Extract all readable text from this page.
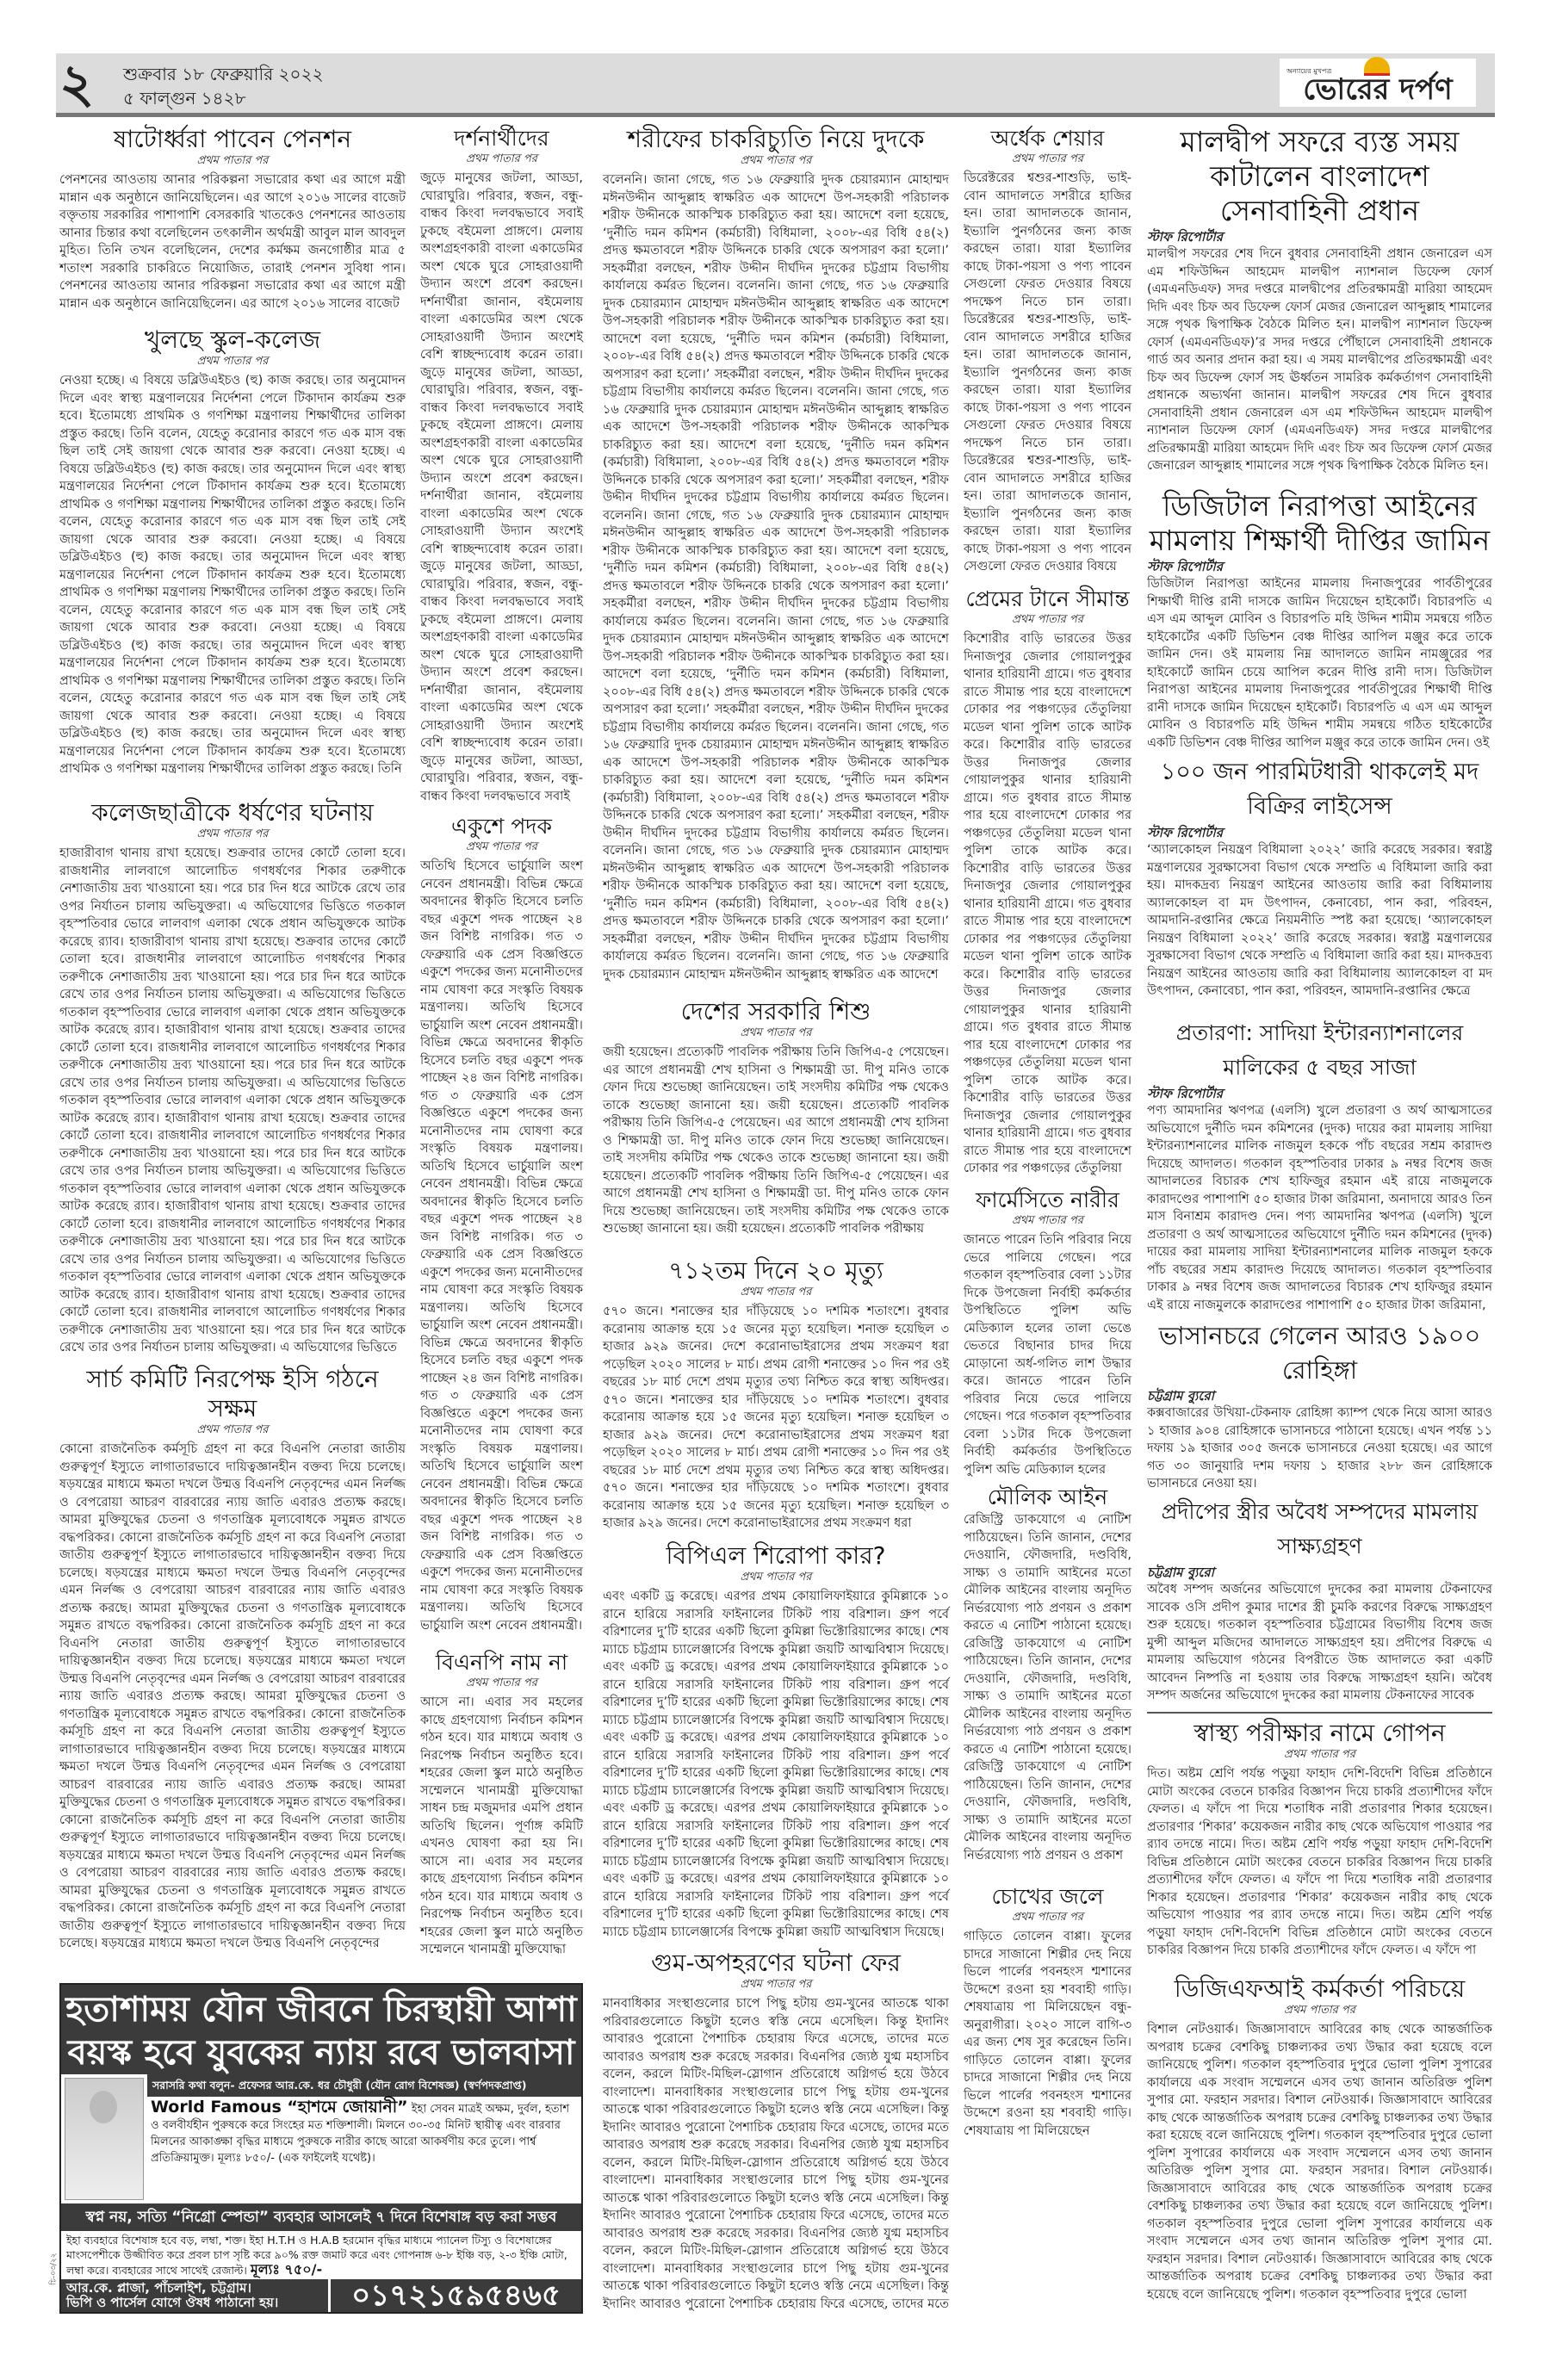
২ শুক্রবার ১৮ ফেব্রুয়ারি ২০২২
৫ ফাল্গুন ১৪২৮
অন্যায়ের মুখপত্র
ভোরের দর্পণ
ষাটোর্ধ্বরা পাবেন পেনশন
প্রথম পাতার পর

পেনশনের আওতায় আনার পরিকল্পনা সভারোর কথা এর আগে মন্ত্রী মান্নান এক অনুষ্ঠানে জানিয়েছিলেন। এর আগে ২০১৬ সালের বাজেট বক্তৃতায় সরকারির পাশাপাশি বেসরকারি খাতকেও পেনশনের আওতায় আনার চিন্তার কথা বলেছিলেন তৎকালীন অর্থমন্ত্রী আবুল মাল আবদুল মুহিত। তিনি তখন বলেছিলেন, দেশের কর্মক্ষম জনগোষ্ঠীর মাত্র ৫ শতাংশ সরকারি চাকরিতে নিয়োজিত, তারাই পেনশন সুবিধা পান। পেনশনের আওতায় আনার পরিকল্পনা সভারোর কথা এর আগে মন্ত্রী মান্নান এক অনুষ্ঠানে জানিয়েছিলেন। এর আগে ২০১৬ সালের বাজেট

খুলছে স্কুল-কলেজ
প্রথম পাতার পর

নেওয়া হচ্ছে। এ বিষয়ে ডব্লিউএইচও (হু) কাজ করছে। তার অনুমোদন দিলে এবং স্বাস্থ্য মন্ত্রণালয়ের নির্দেশনা পেলে টিকাদান কার্যক্রম শুরু হবে। ইতোমধ্যে প্রাথমিক ও গণশিক্ষা মন্ত্রণালয় শিক্ষার্থীদের তালিকা প্রস্তুত করছে। তিনি বলেন, যেহেতু করোনার কারণে গত এক মাস বন্ধ ছিল তাই সেই জায়গা থেকে আবার শুরু করবো। নেওয়া হচ্ছে। এ বিষয়ে ডব্লিউএইচও (হু) কাজ করছে। তার অনুমোদন দিলে এবং স্বাস্থ্য মন্ত্রণালয়ের নির্দেশনা পেলে টিকাদান কার্যক্রম শুরু হবে। ইতোমধ্যে প্রাথমিক ও গণশিক্ষা মন্ত্রণালয় শিক্ষার্থীদের তালিকা প্রস্তুত করছে। তিনি বলেন, যেহেতু করোনার কারণে গত এক মাস বন্ধ ছিল তাই সেই জায়গা থেকে আবার শুরু করবো। নেওয়া হচ্ছে। এ বিষয়ে ডব্লিউএইচও (হু) কাজ করছে। তার অনুমোদন দিলে এবং স্বাস্থ্য মন্ত্রণালয়ের নির্দেশনা পেলে টিকাদান কার্যক্রম শুরু হবে। ইতোমধ্যে প্রাথমিক ও গণশিক্ষা মন্ত্রণালয় শিক্ষার্থীদের তালিকা প্রস্তুত করছে। তিনি বলেন, যেহেতু করোনার কারণে গত এক মাস বন্ধ ছিল তাই সেই জায়গা থেকে আবার শুরু করবো। নেওয়া হচ্ছে। এ বিষয়ে ডব্লিউএইচও (হু) কাজ করছে। তার অনুমোদন দিলে এবং স্বাস্থ্য মন্ত্রণালয়ের নির্দেশনা পেলে টিকাদান কার্যক্রম শুরু হবে। ইতোমধ্যে প্রাথমিক ও গণশিক্ষা মন্ত্রণালয় শিক্ষার্থীদের তালিকা প্রস্তুত করছে। তিনি বলেন, যেহেতু করোনার কারণে গত এক মাস বন্ধ ছিল তাই সেই জায়গা থেকে আবার শুরু করবো। নেওয়া হচ্ছে। এ বিষয়ে ডব্লিউএইচও (হু) কাজ করছে। তার অনুমোদন দিলে এবং স্বাস্থ্য মন্ত্রণালয়ের নির্দেশনা পেলে টিকাদান কার্যক্রম শুরু হবে। ইতোমধ্যে প্রাথমিক ও গণশিক্ষা মন্ত্রণালয় শিক্ষার্থীদের তালিকা প্রস্তুত করছে। তিনি

কলেজছাত্রীকে ধর্ষণের ঘটনায়
প্রথম পাতার পর

হাজারীবাগ থানায় রাখা হয়েছে। শুক্রবার তাদের কোর্টে তোলা হবে। রাজধানীর লালবাগে আলোচিত গণধর্ষণের শিকার তরুণীকে নেশাজাতীয় দ্রব্য খাওয়ানো হয়। পরে চার দিন ধরে আটকে রেখে তার ওপর নির্যাতন চালায় অভিযুক্তরা। এ অভিযোগের ভিত্তিতে গতকাল বৃহস্পতিবার ভোরে লালবাগ এলাকা থেকে প্রধান অভিযুক্তকে আটক করেছে র‌্যাব। হাজারীবাগ থানায় রাখা হয়েছে। শুক্রবার তাদের কোর্টে তোলা হবে। রাজধানীর লালবাগে আলোচিত গণধর্ষণের শিকার তরুণীকে নেশাজাতীয় দ্রব্য খাওয়ানো হয়। পরে চার দিন ধরে আটকে রেখে তার ওপর নির্যাতন চালায় অভিযুক্তরা। এ অভিযোগের ভিত্তিতে গতকাল বৃহস্পতিবার ভোরে লালবাগ এলাকা থেকে প্রধান অভিযুক্তকে আটক করেছে র‌্যাব। হাজারীবাগ থানায় রাখা হয়েছে। শুক্রবার তাদের কোর্টে তোলা হবে। রাজধানীর লালবাগে আলোচিত গণধর্ষণের শিকার তরুণীকে নেশাজাতীয় দ্রব্য খাওয়ানো হয়। পরে চার দিন ধরে আটকে রেখে তার ওপর নির্যাতন চালায় অভিযুক্তরা। এ অভিযোগের ভিত্তিতে গতকাল বৃহস্পতিবার ভোরে লালবাগ এলাকা থেকে প্রধান অভিযুক্তকে আটক করেছে র‌্যাব। হাজারীবাগ থানায় রাখা হয়েছে। শুক্রবার তাদের কোর্টে তোলা হবে। রাজধানীর লালবাগে আলোচিত গণধর্ষণের শিকার তরুণীকে নেশাজাতীয় দ্রব্য খাওয়ানো হয়। পরে চার দিন ধরে আটকে রেখে তার ওপর নির্যাতন চালায় অভিযুক্তরা। এ অভিযোগের ভিত্তিতে গতকাল বৃহস্পতিবার ভোরে লালবাগ এলাকা থেকে প্রধান অভিযুক্তকে আটক করেছে র‌্যাব। হাজারীবাগ থানায় রাখা হয়েছে। শুক্রবার তাদের কোর্টে তোলা হবে। রাজধানীর লালবাগে আলোচিত গণধর্ষণের শিকার তরুণীকে নেশাজাতীয় দ্রব্য খাওয়ানো হয়। পরে চার দিন ধরে আটকে রেখে তার ওপর নির্যাতন চালায় অভিযুক্তরা। এ অভিযোগের ভিত্তিতে গতকাল বৃহস্পতিবার ভোরে লালবাগ এলাকা থেকে প্রধান অভিযুক্তকে আটক করেছে র‌্যাব। হাজারীবাগ থানায় রাখা হয়েছে। শুক্রবার তাদের কোর্টে তোলা হবে। রাজধানীর লালবাগে আলোচিত গণধর্ষণের শিকার তরুণীকে নেশাজাতীয় দ্রব্য খাওয়ানো হয়। পরে চার দিন ধরে আটকে রেখে তার ওপর নির্যাতন চালায় অভিযুক্তরা। এ অভিযোগের ভিত্তিতে

সার্চ কমিটি নিরপেক্ষ ইসি গঠনে সক্ষম
প্রথম পাতার পর

কোনো রাজনৈতিক কর্মসূচি গ্রহণ না করে বিএনপি নেতারা জাতীয় গুরুত্বপূর্ণ ইস্যুতে লাগাতারভাবে দায়িত্বজ্ঞানহীন বক্তব্য দিয়ে চলেছে। ষড়যন্ত্রের মাধ্যমে ক্ষমতা দখলে উন্মত্ত বিএনপি নেতৃবৃন্দের এমন নির্লজ্জ ও বেপরোয়া আচরণ বারবারের ন্যায় জাতি এবারও প্রত্যক্ষ করছে। আমরা মুক্তিযুদ্ধের চেতনা ও গণতান্ত্রিক মূল্যবোধকে সমুন্নত রাখতে বদ্ধপরিকর। কোনো রাজনৈতিক কর্মসূচি গ্রহণ না করে বিএনপি নেতারা জাতীয় গুরুত্বপূর্ণ ইস্যুতে লাগাতারভাবে দায়িত্বজ্ঞানহীন বক্তব্য দিয়ে চলেছে। ষড়যন্ত্রের মাধ্যমে ক্ষমতা দখলে উন্মত্ত বিএনপি নেতৃবৃন্দের এমন নির্লজ্জ ও বেপরোয়া আচরণ বারবারের ন্যায় জাতি এবারও প্রত্যক্ষ করছে। আমরা মুক্তিযুদ্ধের চেতনা ও গণতান্ত্রিক মূল্যবোধকে সমুন্নত রাখতে বদ্ধপরিকর। কোনো রাজনৈতিক কর্মসূচি গ্রহণ না করে বিএনপি নেতারা জাতীয় গুরুত্বপূর্ণ ইস্যুতে লাগাতারভাবে দায়িত্বজ্ঞানহীন বক্তব্য দিয়ে চলেছে। ষড়যন্ত্রের মাধ্যমে ক্ষমতা দখলে উন্মত্ত বিএনপি নেতৃবৃন্দের এমন নির্লজ্জ ও বেপরোয়া আচরণ বারবারের ন্যায় জাতি এবারও প্রত্যক্ষ করছে। আমরা মুক্তিযুদ্ধের চেতনা ও গণতান্ত্রিক মূল্যবোধকে সমুন্নত রাখতে বদ্ধপরিকর। কোনো রাজনৈতিক কর্মসূচি গ্রহণ না করে বিএনপি নেতারা জাতীয় গুরুত্বপূর্ণ ইস্যুতে লাগাতারভাবে দায়িত্বজ্ঞানহীন বক্তব্য দিয়ে চলেছে। ষড়যন্ত্রের মাধ্যমে ক্ষমতা দখলে উন্মত্ত বিএনপি নেতৃবৃন্দের এমন নির্লজ্জ ও বেপরোয়া আচরণ বারবারের ন্যায় জাতি এবারও প্রত্যক্ষ করছে। আমরা মুক্তিযুদ্ধের চেতনা ও গণতান্ত্রিক মূল্যবোধকে সমুন্নত রাখতে বদ্ধপরিকর। কোনো রাজনৈতিক কর্মসূচি গ্রহণ না করে বিএনপি নেতারা জাতীয় গুরুত্বপূর্ণ ইস্যুতে লাগাতারভাবে দায়িত্বজ্ঞানহীন বক্তব্য দিয়ে চলেছে। ষড়যন্ত্রের মাধ্যমে ক্ষমতা দখলে উন্মত্ত বিএনপি নেতৃবৃন্দের এমন নির্লজ্জ ও বেপরোয়া আচরণ বারবারের ন্যায় জাতি এবারও প্রত্যক্ষ করছে। আমরা মুক্তিযুদ্ধের চেতনা ও গণতান্ত্রিক মূল্যবোধকে সমুন্নত রাখতে বদ্ধপরিকর। কোনো রাজনৈতিক কর্মসূচি গ্রহণ না করে বিএনপি নেতারা জাতীয় গুরুত্বপূর্ণ ইস্যুতে লাগাতারভাবে দায়িত্বজ্ঞানহীন বক্তব্য দিয়ে চলেছে। ষড়যন্ত্রের মাধ্যমে ক্ষমতা দখলে উন্মত্ত বিএনপি নেতৃবৃন্দের

দর্শনার্থীদের
প্রথম পাতার পর

জুড়ে মানুষের জটলা, আড্ডা, ঘোরাঘুরি। পরিবার, স্বজন, বন্ধু-বান্ধব কিংবা দলবদ্ধভাবে সবাই ঢুকছে বইমেলা প্রাঙ্গণে। মেলায় অংশগ্রহণকারী বাংলা একাডেমির অংশ থেকে ঘুরে সোহরাওয়ার্দী উদ্যান অংশে প্রবেশ করছেন। দর্শনার্থীরা জানান, বইমেলায় বাংলা একাডেমির অংশ থেকে সোহরাওয়ার্দী উদ্যান অংশেই বেশি স্বাচ্ছন্দ্যবোধ করেন তারা। জুড়ে মানুষের জটলা, আড্ডা, ঘোরাঘুরি। পরিবার, স্বজন, বন্ধু-বান্ধব কিংবা দলবদ্ধভাবে সবাই ঢুকছে বইমেলা প্রাঙ্গণে। মেলায় অংশগ্রহণকারী বাংলা একাডেমির অংশ থেকে ঘুরে সোহরাওয়ার্দী উদ্যান অংশে প্রবেশ করছেন। দর্শনার্থীরা জানান, বইমেলায় বাংলা একাডেমির অংশ থেকে সোহরাওয়ার্দী উদ্যান অংশেই বেশি স্বাচ্ছন্দ্যবোধ করেন তারা। জুড়ে মানুষের জটলা, আড্ডা, ঘোরাঘুরি। পরিবার, স্বজন, বন্ধু-বান্ধব কিংবা দলবদ্ধভাবে সবাই ঢুকছে বইমেলা প্রাঙ্গণে। মেলায় অংশগ্রহণকারী বাংলা একাডেমির অংশ থেকে ঘুরে সোহরাওয়ার্দী উদ্যান অংশে প্রবেশ করছেন। দর্শনার্থীরা জানান, বইমেলায় বাংলা একাডেমির অংশ থেকে সোহরাওয়ার্দী উদ্যান অংশেই বেশি স্বাচ্ছন্দ্যবোধ করেন তারা। জুড়ে মানুষের জটলা, আড্ডা, ঘোরাঘুরি। পরিবার, স্বজন, বন্ধু-বান্ধব কিংবা দলবদ্ধভাবে সবাই

একুশে পদক
প্রথম পাতার পর

অতিথি হিসেবে ভার্চুয়ালি অংশ নেবেন প্রধানমন্ত্রী। বিভিন্ন ক্ষেত্রে অবদানের স্বীকৃতি হিসেবে চলতি বছর একুশে পদক পাচ্ছেন ২৪ জন বিশিষ্ট নাগরিক। গত ৩ ফেব্রুয়ারি এক প্রেস বিজ্ঞপ্তিতে একুশে পদকের জন্য মনোনীতদের নাম ঘোষণা করে সংস্কৃতি বিষয়ক মন্ত্রণালয়। অতিথি হিসেবে ভার্চুয়ালি অংশ নেবেন প্রধানমন্ত্রী। বিভিন্ন ক্ষেত্রে অবদানের স্বীকৃতি হিসেবে চলতি বছর একুশে পদক পাচ্ছেন ২৪ জন বিশিষ্ট নাগরিক। গত ৩ ফেব্রুয়ারি এক প্রেস বিজ্ঞপ্তিতে একুশে পদকের জন্য মনোনীতদের নাম ঘোষণা করে সংস্কৃতি বিষয়ক মন্ত্রণালয়। অতিথি হিসেবে ভার্চুয়ালি অংশ নেবেন প্রধানমন্ত্রী। বিভিন্ন ক্ষেত্রে অবদানের স্বীকৃতি হিসেবে চলতি বছর একুশে পদক পাচ্ছেন ২৪ জন বিশিষ্ট নাগরিক। গত ৩ ফেব্রুয়ারি এক প্রেস বিজ্ঞপ্তিতে একুশে পদকের জন্য মনোনীতদের নাম ঘোষণা করে সংস্কৃতি বিষয়ক মন্ত্রণালয়। অতিথি হিসেবে ভার্চুয়ালি অংশ নেবেন প্রধানমন্ত্রী। বিভিন্ন ক্ষেত্রে অবদানের স্বীকৃতি হিসেবে চলতি বছর একুশে পদক পাচ্ছেন ২৪ জন বিশিষ্ট নাগরিক। গত ৩ ফেব্রুয়ারি এক প্রেস বিজ্ঞপ্তিতে একুশে পদকের জন্য মনোনীতদের নাম ঘোষণা করে সংস্কৃতি বিষয়ক মন্ত্রণালয়। অতিথি হিসেবে ভার্চুয়ালি অংশ নেবেন প্রধানমন্ত্রী। বিভিন্ন ক্ষেত্রে অবদানের স্বীকৃতি হিসেবে চলতি বছর একুশে পদক পাচ্ছেন ২৪ জন বিশিষ্ট নাগরিক। গত ৩ ফেব্রুয়ারি এক প্রেস বিজ্ঞপ্তিতে একুশে পদকের জন্য মনোনীতদের নাম ঘোষণা করে সংস্কৃতি বিষয়ক মন্ত্রণালয়। অতিথি হিসেবে ভার্চুয়ালি অংশ নেবেন প্রধানমন্ত্রী।

বিএনপি নাম না
প্রথম পাতার পর

আসে না। এবার সব মহলের কাছে গ্রহণযোগ্য নির্বাচন কমিশন গঠন হবে। যার মাধ্যমে অবাধ ও নিরপেক্ষ নির্বাচন অনুষ্ঠিত হবে। শহরের জেলা স্কুল মাঠে অনুষ্ঠিত সম্মেলনে খানামন্ত্রী মুক্তিযোদ্ধা সাধন চন্দ্র মজুমদার এমপি প্রধান অতিথি ছিলেন। পূর্ণাঙ্গ কমিটি এখনও ঘোষণা করা হয় নি। আসে না। এবার সব মহলের কাছে গ্রহণযোগ্য নির্বাচন কমিশন গঠন হবে। যার মাধ্যমে অবাধ ও নিরপেক্ষ নির্বাচন অনুষ্ঠিত হবে। শহরের জেলা স্কুল মাঠে অনুষ্ঠিত সম্মেলনে খানামন্ত্রী মুক্তিযোদ্ধা

শরীফের চাকরিচ্যুতি নিয়ে দুদকে
প্রথম পাতার পর

বলেননি। জানা গেছে, গত ১৬ ফেব্রুয়ারি দুদক চেয়ারম্যান মোহাম্মদ মঈনউদ্দীন আব্দুল্লাহ স্বাক্ষরিত এক আদেশে উপ-সহকারী পরিচালক শরীফ উদ্দীনকে আকস্মিক চাকরিচ্যুত করা হয়। আদেশে বলা হয়েছে, ‘দুর্নীতি দমন কমিশন (কর্মচারী) বিধিমালা, ২০০৮-এর বিধি ৫৪(২) প্রদত্ত ক্ষমতাবলে শরীফ উদ্দিনকে চাকরি থেকে অপসারণ করা হলো।’ সহকর্মীরা বলছেন, শরীফ উদ্দীন দীর্ঘদিন দুদকের চট্টগ্রাম বিভাগীয় কার্যালয়ে কর্মরত ছিলেন। বলেননি। জানা গেছে, গত ১৬ ফেব্রুয়ারি দুদক চেয়ারম্যান মোহাম্মদ মঈনউদ্দীন আব্দুল্লাহ স্বাক্ষরিত এক আদেশে উপ-সহকারী পরিচালক শরীফ উদ্দীনকে আকস্মিক চাকরিচ্যুত করা হয়। আদেশে বলা হয়েছে, ‘দুর্নীতি দমন কমিশন (কর্মচারী) বিধিমালা, ২০০৮-এর বিধি ৫৪(২) প্রদত্ত ক্ষমতাবলে শরীফ উদ্দিনকে চাকরি থেকে অপসারণ করা হলো।’ সহকর্মীরা বলছেন, শরীফ উদ্দীন দীর্ঘদিন দুদকের চট্টগ্রাম বিভাগীয় কার্যালয়ে কর্মরত ছিলেন। বলেননি। জানা গেছে, গত ১৬ ফেব্রুয়ারি দুদক চেয়ারম্যান মোহাম্মদ মঈনউদ্দীন আব্দুল্লাহ স্বাক্ষরিত এক আদেশে উপ-সহকারী পরিচালক শরীফ উদ্দীনকে আকস্মিক চাকরিচ্যুত করা হয়। আদেশে বলা হয়েছে, ‘দুর্নীতি দমন কমিশন (কর্মচারী) বিধিমালা, ২০০৮-এর বিধি ৫৪(২) প্রদত্ত ক্ষমতাবলে শরীফ উদ্দিনকে চাকরি থেকে অপসারণ করা হলো।’ সহকর্মীরা বলছেন, শরীফ উদ্দীন দীর্ঘদিন দুদকের চট্টগ্রাম বিভাগীয় কার্যালয়ে কর্মরত ছিলেন। বলেননি। জানা গেছে, গত ১৬ ফেব্রুয়ারি দুদক চেয়ারম্যান মোহাম্মদ মঈনউদ্দীন আব্দুল্লাহ স্বাক্ষরিত এক আদেশে উপ-সহকারী পরিচালক শরীফ উদ্দীনকে আকস্মিক চাকরিচ্যুত করা হয়। আদেশে বলা হয়েছে, ‘দুর্নীতি দমন কমিশন (কর্মচারী) বিধিমালা, ২০০৮-এর বিধি ৫৪(২) প্রদত্ত ক্ষমতাবলে শরীফ উদ্দিনকে চাকরি থেকে অপসারণ করা হলো।’ সহকর্মীরা বলছেন, শরীফ উদ্দীন দীর্ঘদিন দুদকের চট্টগ্রাম বিভাগীয় কার্যালয়ে কর্মরত ছিলেন। বলেননি। জানা গেছে, গত ১৬ ফেব্রুয়ারি দুদক চেয়ারম্যান মোহাম্মদ মঈনউদ্দীন আব্দুল্লাহ স্বাক্ষরিত এক আদেশে উপ-সহকারী পরিচালক শরীফ উদ্দীনকে আকস্মিক চাকরিচ্যুত করা হয়। আদেশে বলা হয়েছে, ‘দুর্নীতি দমন কমিশন (কর্মচারী) বিধিমালা, ২০০৮-এর বিধি ৫৪(২) প্রদত্ত ক্ষমতাবলে শরীফ উদ্দিনকে চাকরি থেকে অপসারণ করা হলো।’ সহকর্মীরা বলছেন, শরীফ উদ্দীন দীর্ঘদিন দুদকের চট্টগ্রাম বিভাগীয় কার্যালয়ে কর্মরত ছিলেন। বলেননি। জানা গেছে, গত ১৬ ফেব্রুয়ারি দুদক চেয়ারম্যান মোহাম্মদ মঈনউদ্দীন আব্দুল্লাহ স্বাক্ষরিত এক আদেশে উপ-সহকারী পরিচালক শরীফ উদ্দীনকে আকস্মিক চাকরিচ্যুত করা হয়। আদেশে বলা হয়েছে, ‘দুর্নীতি দমন কমিশন (কর্মচারী) বিধিমালা, ২০০৮-এর বিধি ৫৪(২) প্রদত্ত ক্ষমতাবলে শরীফ উদ্দিনকে চাকরি থেকে অপসারণ করা হলো।’ সহকর্মীরা বলছেন, শরীফ উদ্দীন দীর্ঘদিন দুদকের চট্টগ্রাম বিভাগীয় কার্যালয়ে কর্মরত ছিলেন। বলেননি। জানা গেছে, গত ১৬ ফেব্রুয়ারি দুদক চেয়ারম্যান মোহাম্মদ মঈনউদ্দীন আব্দুল্লাহ স্বাক্ষরিত এক আদেশে উপ-সহকারী পরিচালক শরীফ উদ্দীনকে আকস্মিক চাকরিচ্যুত করা হয়। আদেশে বলা হয়েছে, ‘দুর্নীতি দমন কমিশন (কর্মচারী) বিধিমালা, ২০০৮-এর বিধি ৫৪(২) প্রদত্ত ক্ষমতাবলে শরীফ উদ্দিনকে চাকরি থেকে অপসারণ করা হলো।’ সহকর্মীরা বলছেন, শরীফ উদ্দীন দীর্ঘদিন দুদকের চট্টগ্রাম বিভাগীয় কার্যালয়ে কর্মরত ছিলেন। বলেননি। জানা গেছে, গত ১৬ ফেব্রুয়ারি দুদক চেয়ারম্যান মোহাম্মদ মঈনউদ্দীন আব্দুল্লাহ স্বাক্ষরিত এক আদেশে

দেশের সরকারি শিশু
প্রথম পাতার পর

জয়ী হয়েছেন। প্রত্যেকটি পাবলিক পরীক্ষায় তিনি জিপিএ-৫ পেয়েছেন। এর আগে প্রধানমন্ত্রী শেখ হাসিনা ও শিক্ষামন্ত্রী ডা. দীপু মনিও তাকে ফোন দিয়ে শুভেচ্ছা জানিয়েছেন। তাই সংসদীয় কমিটির পক্ষ থেকেও তাকে শুভেচ্ছা জানানো হয়। জয়ী হয়েছেন। প্রত্যেকটি পাবলিক পরীক্ষায় তিনি জিপিএ-৫ পেয়েছেন। এর আগে প্রধানমন্ত্রী শেখ হাসিনা ও শিক্ষামন্ত্রী ডা. দীপু মনিও তাকে ফোন দিয়ে শুভেচ্ছা জানিয়েছেন। তাই সংসদীয় কমিটির পক্ষ থেকেও তাকে শুভেচ্ছা জানানো হয়। জয়ী হয়েছেন। প্রত্যেকটি পাবলিক পরীক্ষায় তিনি জিপিএ-৫ পেয়েছেন। এর আগে প্রধানমন্ত্রী শেখ হাসিনা ও শিক্ষামন্ত্রী ডা. দীপু মনিও তাকে ফোন দিয়ে শুভেচ্ছা জানিয়েছেন। তাই সংসদীয় কমিটির পক্ষ থেকেও তাকে শুভেচ্ছা জানানো হয়। জয়ী হয়েছেন। প্রত্যেকটি পাবলিক পরীক্ষায়

৭১২তম দিনে ২০ মৃত্যু
প্রথম পাতার পর

৫৭০ জনে। শনাক্তের হার দাঁড়িয়েছে ১০ দশমিক শতাংশে। বুধবার করোনায় আক্রান্ত হয়ে ১৫ জনের মৃত্যু হয়েছিল। শনাক্ত হয়েছিল ৩ হাজার ৯২৯ জনের। দেশে করোনাভাইরাসের প্রথম সংক্রমণ ধরা পড়েছিল ২০২০ সালের ৮ মার্চ। প্রথম রোগী শনাক্তের ১০ দিন পর ওই বছরের ১৮ মার্চ দেশে প্রথম মৃত্যুর তথ্য নিশ্চিত করে স্বাস্থ্য অধিদপ্তর। ৫৭০ জনে। শনাক্তের হার দাঁড়িয়েছে ১০ দশমিক শতাংশে। বুধবার করোনায় আক্রান্ত হয়ে ১৫ জনের মৃত্যু হয়েছিল। শনাক্ত হয়েছিল ৩ হাজার ৯২৯ জনের। দেশে করোনাভাইরাসের প্রথম সংক্রমণ ধরা পড়েছিল ২০২০ সালের ৮ মার্চ। প্রথম রোগী শনাক্তের ১০ দিন পর ওই বছরের ১৮ মার্চ দেশে প্রথম মৃত্যুর তথ্য নিশ্চিত করে স্বাস্থ্য অধিদপ্তর। ৫৭০ জনে। শনাক্তের হার দাঁড়িয়েছে ১০ দশমিক শতাংশে। বুধবার করোনায় আক্রান্ত হয়ে ১৫ জনের মৃত্যু হয়েছিল। শনাক্ত হয়েছিল ৩ হাজার ৯২৯ জনের। দেশে করোনাভাইরাসের প্রথম সংক্রমণ ধরা

বিপিএল শিরোপা কার?
প্রথম পাতার পর

এবং একটি ড্র করেছে। এরপর প্রথম কোয়ালিফাইয়ারে কুমিল্লাকে ১০ রানে হারিয়ে সরাসরি ফাইনালের টিকিট পায় বরিশাল। গ্রুপ পর্বে বরিশালের দু’টি হারের একটি ছিলো কুমিল্লা ভিক্টোরিয়ান্সের কাছে। শেষ ম্যাচে চট্টগ্রাম চ্যালেঞ্জার্সের বিপক্ষে কুমিল্লা জয়টি আত্মবিশ্বাস দিয়েছে। এবং একটি ড্র করেছে। এরপর প্রথম কোয়ালিফাইয়ারে কুমিল্লাকে ১০ রানে হারিয়ে সরাসরি ফাইনালের টিকিট পায় বরিশাল। গ্রুপ পর্বে বরিশালের দু’টি হারের একটি ছিলো কুমিল্লা ভিক্টোরিয়ান্সের কাছে। শেষ ম্যাচে চট্টগ্রাম চ্যালেঞ্জার্সের বিপক্ষে কুমিল্লা জয়টি আত্মবিশ্বাস দিয়েছে। এবং একটি ড্র করেছে। এরপর প্রথম কোয়ালিফাইয়ারে কুমিল্লাকে ১০ রানে হারিয়ে সরাসরি ফাইনালের টিকিট পায় বরিশাল। গ্রুপ পর্বে বরিশালের দু’টি হারের একটি ছিলো কুমিল্লা ভিক্টোরিয়ান্সের কাছে। শেষ ম্যাচে চট্টগ্রাম চ্যালেঞ্জার্সের বিপক্ষে কুমিল্লা জয়টি আত্মবিশ্বাস দিয়েছে। এবং একটি ড্র করেছে। এরপর প্রথম কোয়ালিফাইয়ারে কুমিল্লাকে ১০ রানে হারিয়ে সরাসরি ফাইনালের টিকিট পায় বরিশাল। গ্রুপ পর্বে বরিশালের দু’টি হারের একটি ছিলো কুমিল্লা ভিক্টোরিয়ান্সের কাছে। শেষ ম্যাচে চট্টগ্রাম চ্যালেঞ্জার্সের বিপক্ষে কুমিল্লা জয়টি আত্মবিশ্বাস দিয়েছে। এবং একটি ড্র করেছে। এরপর প্রথম কোয়ালিফাইয়ারে কুমিল্লাকে ১০ রানে হারিয়ে সরাসরি ফাইনালের টিকিট পায় বরিশাল। গ্রুপ পর্বে বরিশালের দু’টি হারের একটি ছিলো কুমিল্লা ভিক্টোরিয়ান্সের কাছে। শেষ ম্যাচে চট্টগ্রাম চ্যালেঞ্জার্সের বিপক্ষে কুমিল্লা জয়টি আত্মবিশ্বাস দিয়েছে।

গুম-অপহরণের ঘটনা ফের
প্রথম পাতার পর

মানবাধিকার সংস্থাগুলোর চাপে পিছু হটায় গুম-খুনের আতঙ্কে থাকা পরিবারগুলোতে কিছুটা হলেও স্বস্তি নেমে এসেছিল। কিন্তু ইদানিং আবারও পুরোনো পৈশাচিক চেহারায় ফিরে এসেছে, তাদের মতে আবারও অপরাধ শুরু করেছে সরকার। বিএনপির জ্যেষ্ঠ যুগ্ম মহাসচিব বলেন, করলে মিটিং-মিছিল-স্লোগান প্রতিরোধে অগ্নিগর্ভ হয়ে উঠবে বাংলাদেশ। মানবাধিকার সংস্থাগুলোর চাপে পিছু হটায় গুম-খুনের আতঙ্কে থাকা পরিবারগুলোতে কিছুটা হলেও স্বস্তি নেমে এসেছিল। কিন্তু ইদানিং আবারও পুরোনো পৈশাচিক চেহারায় ফিরে এসেছে, তাদের মতে আবারও অপরাধ শুরু করেছে সরকার। বিএনপির জ্যেষ্ঠ যুগ্ম মহাসচিব বলেন, করলে মিটিং-মিছিল-স্লোগান প্রতিরোধে অগ্নিগর্ভ হয়ে উঠবে বাংলাদেশ। মানবাধিকার সংস্থাগুলোর চাপে পিছু হটায় গুম-খুনের আতঙ্কে থাকা পরিবারগুলোতে কিছুটা হলেও স্বস্তি নেমে এসেছিল। কিন্তু ইদানিং আবারও পুরোনো পৈশাচিক চেহারায় ফিরে এসেছে, তাদের মতে আবারও অপরাধ শুরু করেছে সরকার। বিএনপির জ্যেষ্ঠ যুগ্ম মহাসচিব বলেন, করলে মিটিং-মিছিল-স্লোগান প্রতিরোধে অগ্নিগর্ভ হয়ে উঠবে বাংলাদেশ। মানবাধিকার সংস্থাগুলোর চাপে পিছু হটায় গুম-খুনের আতঙ্কে থাকা পরিবারগুলোতে কিছুটা হলেও স্বস্তি নেমে এসেছিল। কিন্তু ইদানিং আবারও পুরোনো পৈশাচিক চেহারায় ফিরে এসেছে, তাদের মতে

অর্ধেক শেয়ার
প্রথম পাতার পর

ডিরেক্টরের শ্বশুর-শাশুড়ি, ভাই-বোন আদালতে সশরীরে হাজির হন। তারা আদালতকে জানান, ইভ্যালি পুনর্গঠনের জন্য কাজ করছেন তারা। যারা ইভ্যালির কাছে টাকা-পয়সা ও পণ্য পাবেন সেগুলো ফেরত দেওয়ার বিষয়ে পদক্ষেপ নিতে চান তারা। ডিরেক্টরের শ্বশুর-শাশুড়ি, ভাই-বোন আদালতে সশরীরে হাজির হন। তারা আদালতকে জানান, ইভ্যালি পুনর্গঠনের জন্য কাজ করছেন তারা। যারা ইভ্যালির কাছে টাকা-পয়সা ও পণ্য পাবেন সেগুলো ফেরত দেওয়ার বিষয়ে পদক্ষেপ নিতে চান তারা। ডিরেক্টরের শ্বশুর-শাশুড়ি, ভাই-বোন আদালতে সশরীরে হাজির হন। তারা আদালতকে জানান, ইভ্যালি পুনর্গঠনের জন্য কাজ করছেন তারা। যারা ইভ্যালির কাছে টাকা-পয়সা ও পণ্য পাবেন সেগুলো ফেরত দেওয়ার বিষয়ে

প্রেমের টানে সীমান্ত
প্রথম পাতার পর

কিশোরীর বাড়ি ভারতের উত্তর দিনাজপুর জেলার গোয়ালপুকুর থানার হারিয়ানী গ্রামে। গত বুধবার রাতে সীমান্ত পার হয়ে বাংলাদেশে ঢোকার পর পঞ্চগড়ের তেঁতুলিয়া মডেল থানা পুলিশ তাকে আটক করে। কিশোরীর বাড়ি ভারতের উত্তর দিনাজপুর জেলার গোয়ালপুকুর থানার হারিয়ানী গ্রামে। গত বুধবার রাতে সীমান্ত পার হয়ে বাংলাদেশে ঢোকার পর পঞ্চগড়ের তেঁতুলিয়া মডেল থানা পুলিশ তাকে আটক করে। কিশোরীর বাড়ি ভারতের উত্তর দিনাজপুর জেলার গোয়ালপুকুর থানার হারিয়ানী গ্রামে। গত বুধবার রাতে সীমান্ত পার হয়ে বাংলাদেশে ঢোকার পর পঞ্চগড়ের তেঁতুলিয়া মডেল থানা পুলিশ তাকে আটক করে। কিশোরীর বাড়ি ভারতের উত্তর দিনাজপুর জেলার গোয়ালপুকুর থানার হারিয়ানী গ্রামে। গত বুধবার রাতে সীমান্ত পার হয়ে বাংলাদেশে ঢোকার পর পঞ্চগড়ের তেঁতুলিয়া মডেল থানা পুলিশ তাকে আটক করে। কিশোরীর বাড়ি ভারতের উত্তর দিনাজপুর জেলার গোয়ালপুকুর থানার হারিয়ানী গ্রামে। গত বুধবার রাতে সীমান্ত পার হয়ে বাংলাদেশে ঢোকার পর পঞ্চগড়ের তেঁতুলিয়া

ফার্মেসিতে নারীর
প্রথম পাতার পর

জানতে পারেন তিনি পরিবার নিয়ে ভেরে পালিয়ে গেছেন। পরে গতকাল বৃহস্পতিবার বেলা ১১টার দিকে উপজেলা নির্বাহী কর্মকর্তার উপস্থিতিতে পুলিশ অভি মেডিক্যাল হলের তালা ভেঙে ভেতরে বিছানার চাদর দিয়ে মোড়ানো অর্ধ-গলিত লাশ উদ্ধার করে। জানতে পারেন তিনি পরিবার নিয়ে ভেরে পালিয়ে গেছেন। পরে গতকাল বৃহস্পতিবার বেলা ১১টার দিকে উপজেলা নির্বাহী কর্মকর্তার উপস্থিতিতে পুলিশ অভি মেডিক্যাল হলের

মৌলিক আইন

রেজিস্ট্রি ডাকযোগে এ নোটিশ পাঠিয়েছেন। তিনি জানান, দেশের দেওয়ানি, ফৌজদারি, দণ্ডবিধি, সাক্ষ্য ও তামাদি আইনের মতো মৌলিক আইনের বাংলায় অনূদিত নির্ভরযোগ্য পাঠ প্রণয়ন ও প্রকাশ করতে এ নোটিশ পাঠানো হয়েছে। রেজিস্ট্রি ডাকযোগে এ নোটিশ পাঠিয়েছেন। তিনি জানান, দেশের দেওয়ানি, ফৌজদারি, দণ্ডবিধি, সাক্ষ্য ও তামাদি আইনের মতো মৌলিক আইনের বাংলায় অনূদিত নির্ভরযোগ্য পাঠ প্রণয়ন ও প্রকাশ করতে এ নোটিশ পাঠানো হয়েছে। রেজিস্ট্রি ডাকযোগে এ নোটিশ পাঠিয়েছেন। তিনি জানান, দেশের দেওয়ানি, ফৌজদারি, দণ্ডবিধি, সাক্ষ্য ও তামাদি আইনের মতো মৌলিক আইনের বাংলায় অনূদিত নির্ভরযোগ্য পাঠ প্রণয়ন ও প্রকাশ

চোখের জলে
প্রথম পাতার পর

গাড়িতে তোলেন বাপ্পা। ফুলের চাদরে সাজানো শিল্পীর দেহ নিয়ে ভিলে পার্লের পবনহংস শ্মশানের উদ্দেশে রওনা হয় শববাহী গাড়ি। শেষযাত্রায় পা মিলিয়েছেন বন্ধু-অনুরাগীরা। ২০২০ সালে বাগি-৩ এর জন্য শেষ সুর করেছেন তিনি। গাড়িতে তোলেন বাপ্পা। ফুলের চাদরে সাজানো শিল্পীর দেহ নিয়ে ভিলে পার্লের পবনহংস শ্মশানের উদ্দেশে রওনা হয় শববাহী গাড়ি। শেষযাত্রায় পা মিলিয়েছেন

মালদ্বীপ সফরে ব্যস্ত সময় কাটালেন বাংলাদেশ সেনাবাহিনী প্রধান
স্টাফ রিপোর্টার

মালদ্বীপ সফরের শেষ দিনে বুধবার সেনাবাহিনী প্রধান জেনারেল এস এম শফিউদ্দিন আহমেদ মালদ্বীপ ন্যাশনাল ডিফেন্স ফোর্স (এমএনডিএফ) সদর দপ্তরে মালদ্বীপের প্রতিরক্ষামন্ত্রী মারিয়া আহমেদ দিদি এবং চিফ অব ডিফেন্স ফোর্স মেজর জেনারেল আব্দুল্লাহ শামালের সঙ্গে পৃথক দ্বিপাক্ষিক বৈঠকে মিলিত হন। মালদ্বীপ ন্যাশনাল ডিফেন্স ফোর্স (এমএনডিএফ)’র সদর দপ্তরে পৌঁছালে সেনাবাহিনী প্রধানকে গার্ড অব অনার প্রদান করা হয়। এ সময় মালদ্বীপের প্রতিরক্ষামন্ত্রী এবং চিফ অব ডিফেন্স ফোর্স সহ ঊর্ধ্বতন সামরিক কর্মকর্তাগণ সেনাবাহিনী প্রধানকে অভ্যর্থনা জানান। মালদ্বীপ সফরের শেষ দিনে বুধবার সেনাবাহিনী প্রধান জেনারেল এস এম শফিউদ্দিন আহমেদ মালদ্বীপ ন্যাশনাল ডিফেন্স ফোর্স (এমএনডিএফ) সদর দপ্তরে মালদ্বীপের প্রতিরক্ষামন্ত্রী মারিয়া আহমেদ দিদি এবং চিফ অব ডিফেন্স ফোর্স মেজর জেনারেল আব্দুল্লাহ শামালের সঙ্গে পৃথক দ্বিপাক্ষিক বৈঠকে মিলিত হন।

ডিজিটাল নিরাপত্তা আইনের মামলায় শিক্ষার্থী দীপ্তির জামিন
স্টাফ রিপোর্টার

ডিজিটাল নিরাপত্তা আইনের মামলায় দিনাজপুরের পার্বতীপুরের শিক্ষার্থী দীপ্তি রানী দাসকে জামিন দিয়েছেন হাইকোর্ট। বিচারপতি এ এস এম আব্দুল মোবিন ও বিচারপতি মহি উদ্দিন শামীম সমন্বয়ে গঠিত হাইকোর্টের একটি ডিভিশন বেঞ্চ দীপ্তির আপিল মঞ্জুর করে তাকে জামিন দেন। ওই মামলায় নিম্ন আদালতে জামিন নামঞ্জুরের পর হাইকোর্টে জামিন চেয়ে আপিল করেন দীপ্তি রানী দাস। ডিজিটাল নিরাপত্তা আইনের মামলায় দিনাজপুরের পার্বতীপুরের শিক্ষার্থী দীপ্তি রানী দাসকে জামিন দিয়েছেন হাইকোর্ট। বিচারপতি এ এস এম আব্দুল মোবিন ও বিচারপতি মহি উদ্দিন শামীম সমন্বয়ে গঠিত হাইকোর্টের একটি ডিভিশন বেঞ্চ দীপ্তির আপিল মঞ্জুর করে তাকে জামিন দেন। ওই

১০০ জন পারমিটধারী থাকলেই মদ বিক্রির লাইসেন্স
স্টাফ রিপোর্টার

‘অ্যালকোহল নিয়ন্ত্রণ বিধিমালা ২০২২’ জারি করেছে সরকার। স্বরাষ্ট্র মন্ত্রণালয়ের সুরক্ষাসেবা বিভাগ থেকে সম্প্রতি এ বিধিমালা জারি করা হয়। মাদকদ্রব্য নিয়ন্ত্রণ আইনের আওতায় জারি করা বিধিমালায় অ্যালকোহল বা মদ উৎপাদন, কেনাবেচা, পান করা, পরিবহন, আমদানি-রপ্তানির ক্ষেত্রে নিয়মনীতি স্পষ্ট করা হয়েছে। ‘অ্যালকোহল নিয়ন্ত্রণ বিধিমালা ২০২২’ জারি করেছে সরকার। স্বরাষ্ট্র মন্ত্রণালয়ের সুরক্ষাসেবা বিভাগ থেকে সম্প্রতি এ বিধিমালা জারি করা হয়। মাদকদ্রব্য নিয়ন্ত্রণ আইনের আওতায় জারি করা বিধিমালায় অ্যালকোহল বা মদ উৎপাদন, কেনাবেচা, পান করা, পরিবহন, আমদানি-রপ্তানির ক্ষেত্রে

প্রতারণা: সাদিয়া ইন্টারন্যাশনালের মালিকের ৫ বছর সাজা
স্টাফ রিপোর্টার

পণ্য আমদানির ঋণপত্র (এলসি) খুলে প্রতারণা ও অর্থ আত্মসাতের অভিযোগে দুর্নীতি দমন কমিশনের (দুদক) দায়ের করা মামলায় সাদিয়া ইন্টারন্যাশনালের মালিক নাজমুল হককে পাঁচ বছরের সশ্রম কারাদণ্ড দিয়েছে আদালত। গতকাল বৃহস্পতিবার ঢাকার ৯ নম্বর বিশেষ জজ আদালতের বিচারক শেখ হাফিজুর রহমান এই রায়ে নাজমুলকে কারাদণ্ডের পাশাপাশি ৫০ হাজার টাকা জরিমানা, অনাদায়ে আরও তিন মাস বিনাশ্রম কারাদণ্ড দেন। পণ্য আমদানির ঋণপত্র (এলসি) খুলে প্রতারণা ও অর্থ আত্মসাতের অভিযোগে দুর্নীতি দমন কমিশনের (দুদক) দায়ের করা মামলায় সাদিয়া ইন্টারন্যাশনালের মালিক নাজমুল হককে পাঁচ বছরের সশ্রম কারাদণ্ড দিয়েছে আদালত। গতকাল বৃহস্পতিবার ঢাকার ৯ নম্বর বিশেষ জজ আদালতের বিচারক শেখ হাফিজুর রহমান এই রায়ে নাজমুলকে কারাদণ্ডের পাশাপাশি ৫০ হাজার টাকা জরিমানা,

ভাসানচরে গেলেন আরও ১৯০০ রোহিঙ্গা
চট্টগ্রাম ব্যুরো

কক্সবাজারের উখিয়া-টেকনাফ রোহিঙ্গা ক্যাম্প থেকে নিয়ে আসা আরও ১ হাজার ৯০৪ রোহিঙ্গাকে ভাসানচরে পাঠানো হয়েছে। এখন পর্যন্ত ১১ দফায় ১৯ হাজার ৩০৫ জনকে ভাসানচরে নেওয়া হয়েছে। এর আগে গত ৩০ জানুয়ারি দশম দফায় ১ হাজার ২৮৮ জন রোহিঙ্গাকে ভাসানচরে নেওয়া হয়।

প্রদীপের স্ত্রীর অবৈধ সম্পদের মামলায় সাক্ষ্যগ্রহণ
চট্টগ্রাম ব্যুরো

অবৈধ সম্পদ অর্জনের অভিযোগে দুদকের করা মামলায় টেকনাফের সাবেক ওসি প্রদীপ কুমার দাশের স্ত্রী চুমকি করণের বিরুদ্ধে সাক্ষ্যগ্রহণ শুরু হয়েছে। গতকাল বৃহস্পতিবার চট্টগ্রামের বিভাগীয় বিশেষ জজ মুন্সী আব্দুল মজিদের আদালতে সাক্ষ্যগ্রহণ হয়। প্রদীপের বিরুদ্ধে এ মামলায় অভিযোগ গঠনের বিপরীতে উচ্চ আদালতে করা একটি আবেদন নিষ্পত্তি না হওয়ায় তার বিরুদ্ধে সাক্ষ্যগ্রহণ হয়নি। অবৈধ সম্পদ অর্জনের অভিযোগে দুদকের করা মামলায় টেকনাফের সাবেক

স্বাস্থ্য পরীক্ষার নামে গোপন
প্রথম পাতার পর

দিত। অষ্টম শ্রেণি পর্যন্ত পড়ুয়া ফাহাদ দেশি-বিদেশি বিভিন্ন প্রতিষ্ঠানে মোটা অংকের বেতনে চাকরির বিজ্ঞাপন দিয়ে চাকরি প্রত্যাশীদের ফাঁদে ফেলত। এ ফাঁদে পা দিয়ে শতাধিক নারী প্রতারণার শিকার হয়েছেন। প্রতারণার ‘শিকার’ কয়েকজন নারীর কাছ থেকে অভিযোগ পাওয়ার পর র‌্যাব তদন্তে নামে। দিত। অষ্টম শ্রেণি পর্যন্ত পড়ুয়া ফাহাদ দেশি-বিদেশি বিভিন্ন প্রতিষ্ঠানে মোটা অংকের বেতনে চাকরির বিজ্ঞাপন দিয়ে চাকরি প্রত্যাশীদের ফাঁদে ফেলত। এ ফাঁদে পা দিয়ে শতাধিক নারী প্রতারণার শিকার হয়েছেন। প্রতারণার ‘শিকার’ কয়েকজন নারীর কাছ থেকে অভিযোগ পাওয়ার পর র‌্যাব তদন্তে নামে। দিত। অষ্টম শ্রেণি পর্যন্ত পড়ুয়া ফাহাদ দেশি-বিদেশি বিভিন্ন প্রতিষ্ঠানে মোটা অংকের বেতনে চাকরির বিজ্ঞাপন দিয়ে চাকরি প্রত্যাশীদের ফাঁদে ফেলত। এ ফাঁদে পা

ডিজিএফআই কর্মকর্তা পরিচয়ে
প্রথম পাতার পর

বিশাল নেটওয়ার্ক। জিজ্ঞাসাবাদে আবিরের কাছ থেকে আন্তর্জাতিক অপরাধ চক্রের বেশকিছু চাঞ্চল্যকর তথ্য উদ্ধার করা হয়েছে বলে জানিয়েছে পুলিশ। গতকাল বৃহস্পতিবার দুপুরে ভোলা পুলিশ সুপারের কার্যালয়ে এক সংবাদ সম্মেলনে এসব তথ্য জানান অতিরিক্ত পুলিশ সুপার মো. ফরহান সরদার। বিশাল নেটওয়ার্ক। জিজ্ঞাসাবাদে আবিরের কাছ থেকে আন্তর্জাতিক অপরাধ চক্রের বেশকিছু চাঞ্চল্যকর তথ্য উদ্ধার করা হয়েছে বলে জানিয়েছে পুলিশ। গতকাল বৃহস্পতিবার দুপুরে ভোলা পুলিশ সুপারের কার্যালয়ে এক সংবাদ সম্মেলনে এসব তথ্য জানান অতিরিক্ত পুলিশ সুপার মো. ফরহান সরদার। বিশাল নেটওয়ার্ক। জিজ্ঞাসাবাদে আবিরের কাছ থেকে আন্তর্জাতিক অপরাধ চক্রের বেশকিছু চাঞ্চল্যকর তথ্য উদ্ধার করা হয়েছে বলে জানিয়েছে পুলিশ। গতকাল বৃহস্পতিবার দুপুরে ভোলা পুলিশ সুপারের কার্যালয়ে এক সংবাদ সম্মেলনে এসব তথ্য জানান অতিরিক্ত পুলিশ সুপার মো. ফরহান সরদার। বিশাল নেটওয়ার্ক। জিজ্ঞাসাবাদে আবিরের কাছ থেকে আন্তর্জাতিক অপরাধ চক্রের বেশকিছু চাঞ্চল্যকর তথ্য উদ্ধার করা হয়েছে বলে জানিয়েছে পুলিশ। গতকাল বৃহস্পতিবার দুপুরে ভোলা

হতাশাময় যৌন জীবনে চিরস্থায়ী আশা
বয়স্ক হবে যুবকের ন্যায় রবে ভালবাসা
সরাসরি কথা বলুন- প্রফেসর আর.কে. ধর চৌধুরী (যৌন রোগ বিশেষজ্ঞ) (স্বর্ণপদকপ্রাপ্ত)
World Famous “হাশমে জোয়ানী” ইহা সেবন মাত্রই অক্ষম, দুর্বল, হতাশ ও বলবীর্যহীন পুরুষকে করে সিংহের মত শক্তিশালী। মিলনে ৩০-৩৫ মিনিট স্থায়ীত্ব এবং বারবার মিলনের আকাঙ্ক্ষা বৃদ্ধির মাধ্যমে পুরুষকে নারীর কাছে আরো আকর্ষণীয় করে তুলে। পার্শ্ব প্রতিক্রিয়ামুক্ত। মূল্যঃ ৮৫০/- (এক ফাইলেই যথেষ্ট)।
স্বপ্ন নয়, সত্যি “নিগ্রো স্পেন্ডা” ব্যবহার আসলেই ৭ দিনে বিশেষাঙ্গ বড় করা সম্ভব
ইহা ব্যবহারে বিশেষাঙ্গ হবে বড়, লম্বা, শক্ত। ইহা H.T.H ও H.A.B হরমোন বৃদ্ধির মাধ্যমে প্যানেল টিস্যু ও বিশেষাঙ্গের মাংসপেশীকে উজ্জীবিত করে প্রবল চাপ সৃষ্টি করে ৯০% রক্ত জমাট করে এবং গোপনাঙ্গ ৬-৮ ইঞ্চি বড়, ২-৩ ইঞ্চি মোটা, লম্বা করে। ব্যবহারের সাথে সাথেই রেজাল্ট। মূল্যঃ ৭৫০/-
আর.কে. প্লাজা, পাঁচলাইশ, চট্টগ্রাম।
ভিপি ও পার্সেল যোগে ঔষধ পাঠানো হয়।	০১৭২১৫৯৫৪৬৫
চি-০৩/২২
